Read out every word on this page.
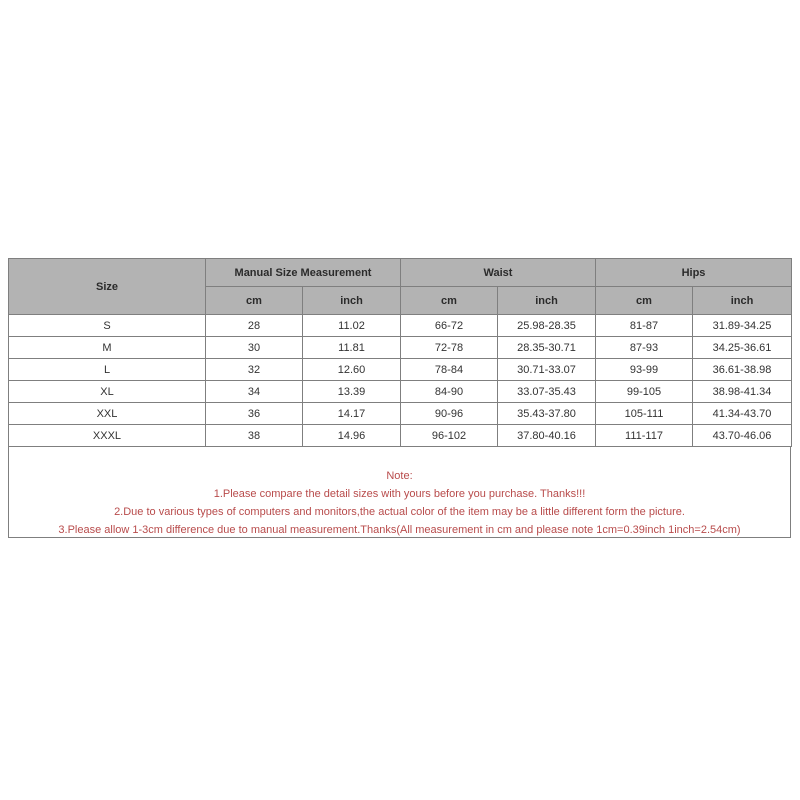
Size	Manual Size Measurement		Waist		Hips	
	cm	inch	cm	inch	cm	inch
S	28	11.02	66-72	25.98-28.35	81-87	31.89-34.25
M	30	11.81	72-78	28.35-30.71	87-93	34.25-36.61
L	32	12.60	78-84	30.71-33.07	93-99	36.61-38.98
XL	34	13.39	84-90	33.07-35.43	99-105	38.98-41.34
XXL	36	14.17	90-96	35.43-37.80	105-111	41.34-43.70
XXXL	38	14.96	96-102	37.80-40.16	111-117	43.70-46.06
Note:
1.Please compare the detail sizes with yours before you purchase. Thanks!!!
2.Due to various types of computers and monitors,the actual color of the item may be a little different form the picture.
3.Please allow 1-3cm difference due to manual measurement.Thanks(All measurement in cm and please note 1cm=0.39inch 1inch=2.54cm)
